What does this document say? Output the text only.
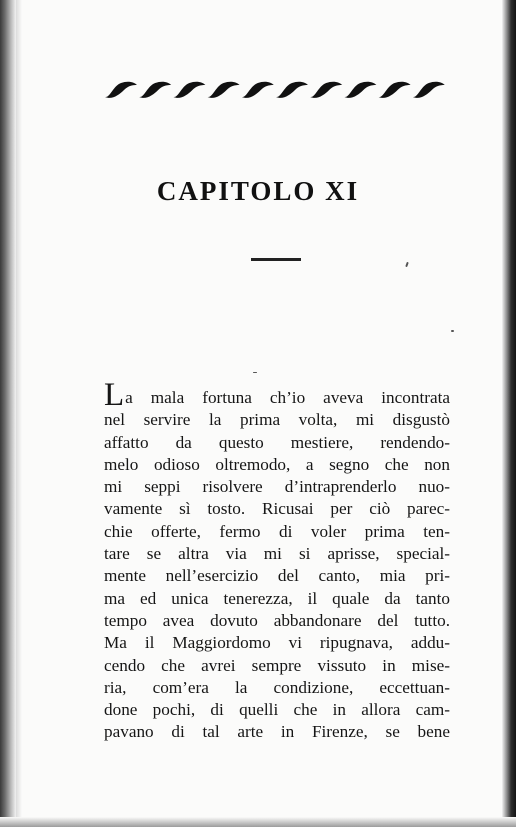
CAPITOLO XI
La mala fortuna ch’io aveva incontrata
nel servire la prima volta, mi disgustò
affatto da questo mestiere, rendendo-
melo odioso oltremodo, a segno che non
mi seppi risolvere d’intraprenderlo nuo-
vamente sì tosto. Ricusai per ciò parec-
chie offerte, fermo di voler prima ten-
tare se altra via mi si aprisse, special-
mente nell’esercizio del canto, mia pri-
ma ed unica tenerezza, il quale da tanto
tempo avea dovuto abbandonare del tutto.
Ma il Maggiordomo vi ripugnava, addu-
cendo che avrei sempre vissuto in mise-
ria, com’era la condizione, eccettuan-
done pochi, di quelli che in allora cam-
pavano di tal arte in Firenze, se bene
